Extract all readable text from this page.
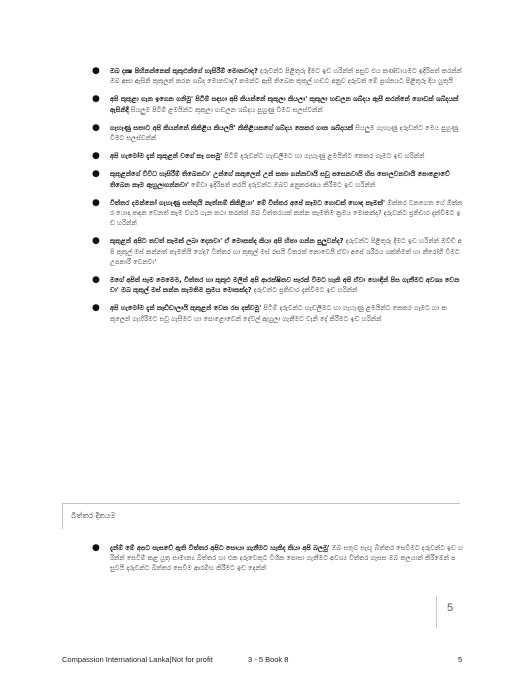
● ඔබ දක්‍ෂ පිහිනන්නෙක් කුකුළුන්ගේ හැසිරීම් මොනවාද? දරුවන්ට පිළිතුරු දීමට ඉඩ හරින්න් පසුව එය කණ්ඩායමට ඉදිරිපත් කරන්න් ඔබ අසා ඇසිනි කුකුලන් කරන ශබ්ද මොනවාද? තමන්ට ඇසී තිබෙන කුකුල් හඬට අනුව දරුවන් මේ ප්‍රශ්නයට පිළිතුරු දිය යුතුයි
● අපි කුකුළා ගැන ඉගෙන ගනිමු' පිටීම් සඳහා අපි කියන්නේ කුකුලා කියලා' කුකුලා හඬලන ශබ්දය ඇසී කරන්නේ ගොඩක් ශබ්දයක් ඇසිනිදී සියලුම පිටීම් ළමයින්ට කුකුලා හඬලන ශබ්දය පුහුණු වීමට සලස්වන්න්
● ගැහැණු සතාට අපි කියන්නේ කිකිළිය කියලයි' කිකිළියකගේ ශබ්දය කෙකර ගාන ශබ්දයක් සියලුම ගැහැණු දරුවන්ට මෙය පුහුණු වීමට සලස්වන්න්
● අපි හැමෝම දැන් කුකුළන් වගේ කෑ ගසමු' පිටීම් දරුවන්ට හැඬලීමට හා ගැහැණු ළමයින්ට කෙකර ගෑමට ඉඩ හරින්න්
● කුකුළන්ගේ වීවිධ හැසිරීම් තිබෙනවා' උන්ගේ කකුලෙන් උන් කතා ගන්නවායි සවූ පසෙනවායි හිස සොලවනවායි පොළොවේ තිබෙන කෑම ඇහුලාගන්නවා' මේවා ඉදිරිපත් කරයි දරුවන්ට ඔබව අනුකරණය කිරීමට ඉඩ හරින්න්
● විත්තර දමන්නෝ ගැහැණු සත්තුයි නැත්නම් කිකිළියා' මේ විත්තර අපේ කෑමට ගොඩක් හොඳ කෑමක්' ඕක්කර වනගෙන ගේ ඕක්කර යොදා කඳන වෙනත් කෑම වර්ග ගැන කථා කරන්න් ඔබ විත්තරයක් කන්න කැමතිම ක්‍රමය මොකක්ද? දරුවන්ට ප්‍රතිචාර දැක්වීමට ඉඩ හරින්න්
● කුකුළන් අපිට තවත් කෑමක් ලබා දෙනවා' ඒ මොකක්ද කියා අපි හිතා ගන්න පුලුවන්ද? දරුවන්ට පිළිතුරු දීමට ඉඩ හරින්න් ඔව්ඩි අපි කුකුල් මස් කන්නත් කැමතියි ගේද? විත්තර හා කුකුල් මස් රසයි විතරක් නොවෙයි ඒවා අපේ ශරීරය ශක්තිමත් හා නීරෝගී වීමට උපකාරී වෙනවා'
● මගේ අපිත් සෑම මෙමෙම, විත්තර හා කුකුළු මලින් අපි ආරක්ෂිතව සෑරක් වීමට හැකි අපි ඒවා හොඳින් පිස ගැනීමට අවශ්‍ය වෙනවා' ඔබ කුකුල් මස් කන්න කැමතිම ක්‍රමය මොකක්ද? දරුවන්ට ප්‍රතිචාර දැක්වීමට ඉඩ හරින්න්
● අපි හැමෝම දැන් කෑඩිඩාලායි කුකුළන් වෙක රස දක්වමු' පිටීම් දරුවන්ට හැඩලීමට හා ගැහැණු ළමයින්ට කෙකර ගෑමට හා කකුලෙන් ගැහිරීමට සවූ ගැසීමට හා පොළොවෙන් දේවල් ඇහුලා ගැනීමට වැනි දේ කිරීමට ඉඩ හරින්න්
බිත්තර දිනයම
● දැන්ම් මේ අපට සැසවේ ඇති විත්තර අපිට සොයා ගැනීමට හැකිද කියා අපි බලමු' ඔබ සතුව සැඟු බිත්තර සෙවීමට දරුවන්ට ඉඩ හරින්න් සෙවීම් කළ යුතු සාමාන්‍ය බිත්තර හා එක දරුවෙකුට විශීක පොසා ගැනීමට අවශ්‍ය විත්තර ගැසස ඔබ කලයාන් කිරීමෙන් පසුවයි දරුවන්ට බිත්තර සෙවීම ආරම්භ කිරීමට ඉඩ දෙන්න්
5
Compassion International Lanka|Not for profit	3 - 5 Book 8	5
